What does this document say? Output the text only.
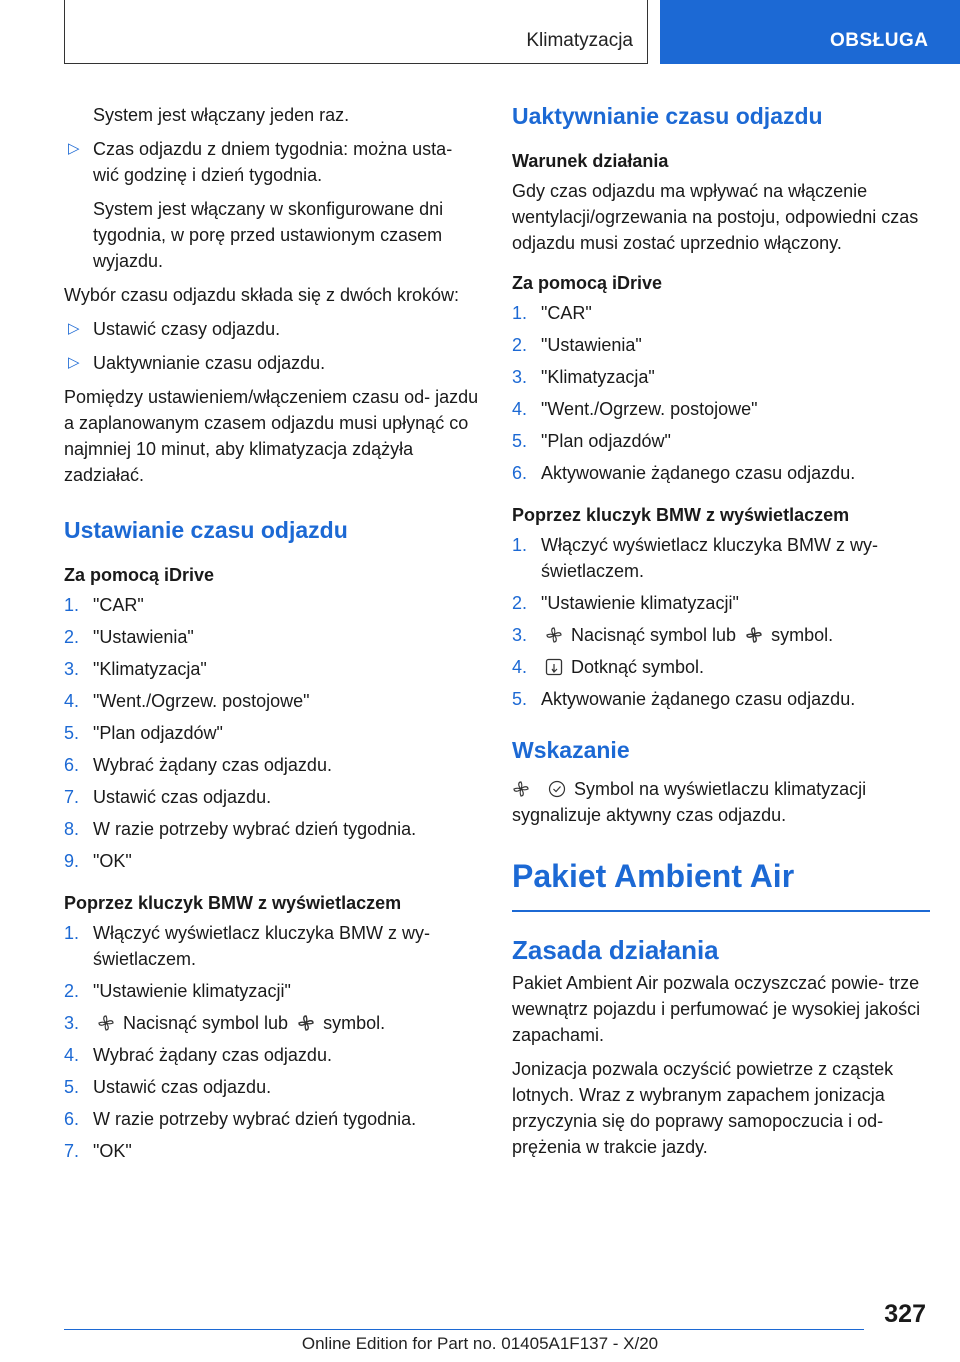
Klimatyzacja	OBSŁUGA

System jest włączany jeden raz.

▷ Czas odjazdu z dniem tygodnia: można usta- wić godzinę i dzień tygodnia.

System jest włączany w skonfigurowane dni tygodnia, w porę przed ustawionym czasem wyjazdu.

Wybór czasu odjazdu składa się z dwóch kroków:

▷ Ustawić czasy odjazdu.
▷ Uaktywnianie czasu odjazdu.

Pomiędzy ustawieniem/włączeniem czasu od- jazdu a zaplanowanym czasem odjazdu musi upłynąć co najmniej 10 minut, aby klimatyzacja zdążyła zadziałać.

Ustawianie czasu odjazdu
Za pomocą iDrive
1. "CAR"
2. "Ustawienia"
3. "Klimatyzacja"
4. "Went./Ogrzew. postojowe"
5. "Plan odjazdów"
6. Wybrać żądany czas odjazdu.
7. Ustawić czas odjazdu.
8. W razie potrzeby wybrać dzień tygodnia.
9. "OK"
Poprzez kluczyk BMW z wyświetlaczem
1. Włączyć wyświetlacz kluczyka BMW z wy- świetlaczem.
2. "Ustawienie klimatyzacji"
3. Nacisnąć symbol lub symbol.
4. Wybrać żądany czas odjazdu.
5. Ustawić czas odjazdu.
6. W razie potrzeby wybrać dzień tygodnia.
7. "OK"
Uaktywnianie czasu odjazdu
Warunek działania

Gdy czas odjazdu ma wpływać na włączenie wentylacji/ogrzewania na postoju, odpowiedni czas odjazdu musi zostać uprzednio włączony.

Za pomocą iDrive
1. "CAR"
2. "Ustawienia"
3. "Klimatyzacja"
4. "Went./Ogrzew. postojowe"
5. "Plan odjazdów"
6. Aktywowanie żądanego czasu odjazdu.
Poprzez kluczyk BMW z wyświetlaczem
1. Włączyć wyświetlacz kluczyka BMW z wy- świetlaczem.
2. "Ustawienie klimatyzacji"
3. Nacisnąć symbol lub symbol.
4. Dotknąć symbol.
5. Aktywowanie żądanego czasu odjazdu.
Wskazanie

Symbol na wyświetlaczu klimatyzacji sygnalizuje aktywny czas odjazdu.

Pakiet Ambient Air
Zasada działania

Pakiet Ambient Air pozwala oczyszczać powie- trze wewnątrz pojazdu i perfumować je wysokiej jakości zapachami.

Jonizacja pozwala oczyścić powietrze z cząstek lotnych. Wraz z wybranym zapachem jonizacja przyczynia się do poprawy samopoczucia i od- prężenia w trakcie jazdy.

327
Online Edition for Part no. 01405A1F137 - X/20
